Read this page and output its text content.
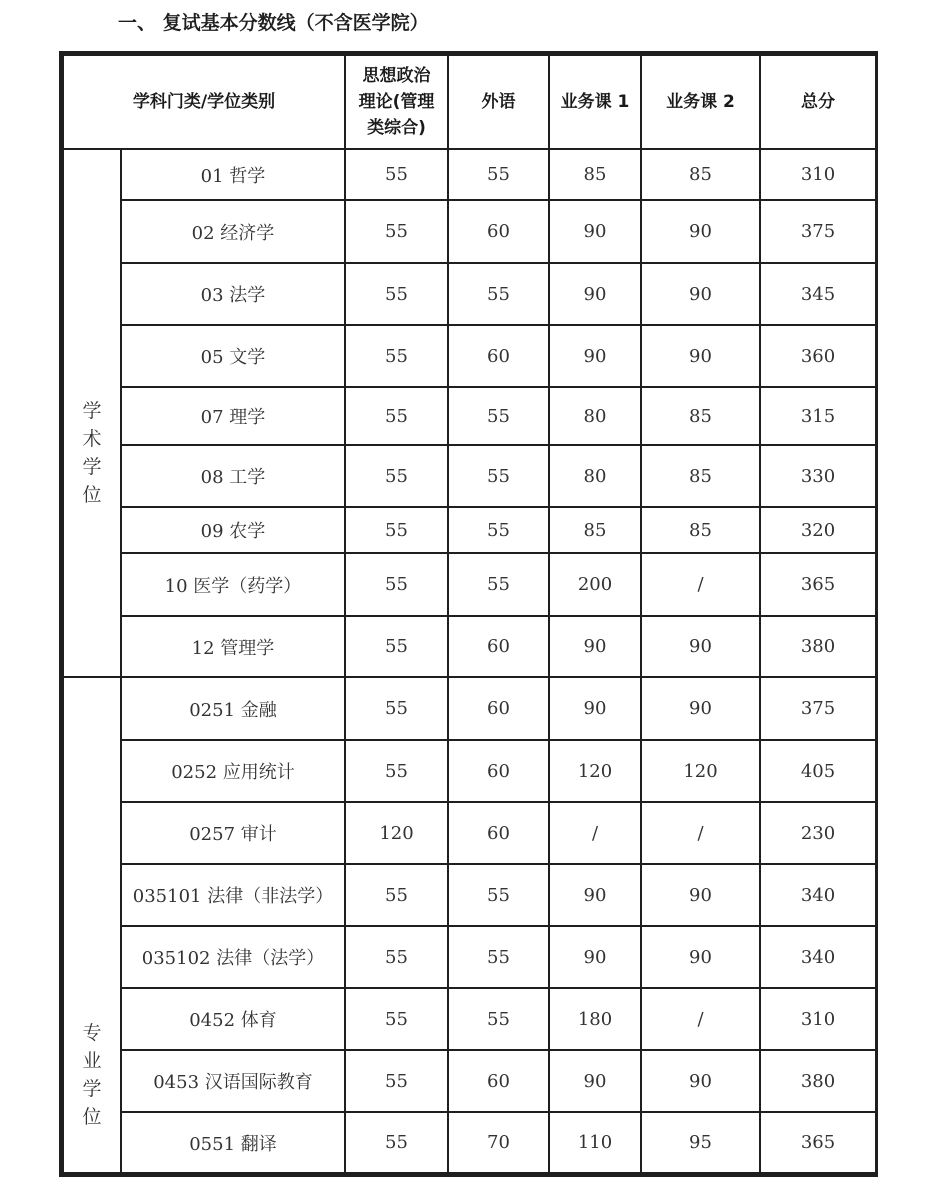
一、 复试基本分数线（不含医学院）
学科门类/学位类别		思想政治
理论(管理
类综合)	外语	业务课 1	业务课 2	总分

学
术
学
位	01 哲学	55	55	85	85	310
	02 经济学	55	60	90	90	375
	03 法学	55	55	90	90	345
	05 文学	55	60	90	90	360
	07 理学	55	55	80	85	315
	08 工学	55	55	80	85	330
	09 农学	55	55	85	85	320
	10 医学（药学）	55	55	200	/	365
	12 管理学	55	60	90	90	380

专
业
学
位	0251 金融	55	60	90	90	375
	0252 应用统计	55	60	120	120	405
	0257 审计	120	60	/	/	230
	035101 法律（非法学）	55	55	90	90	340
	035102 法律（法学）	55	55	90	90	340
	0452 体育	55	55	180	/	310
	0453 汉语国际教育	55	60	90	90	380
	0551 翻译	55	70	110	95	365
